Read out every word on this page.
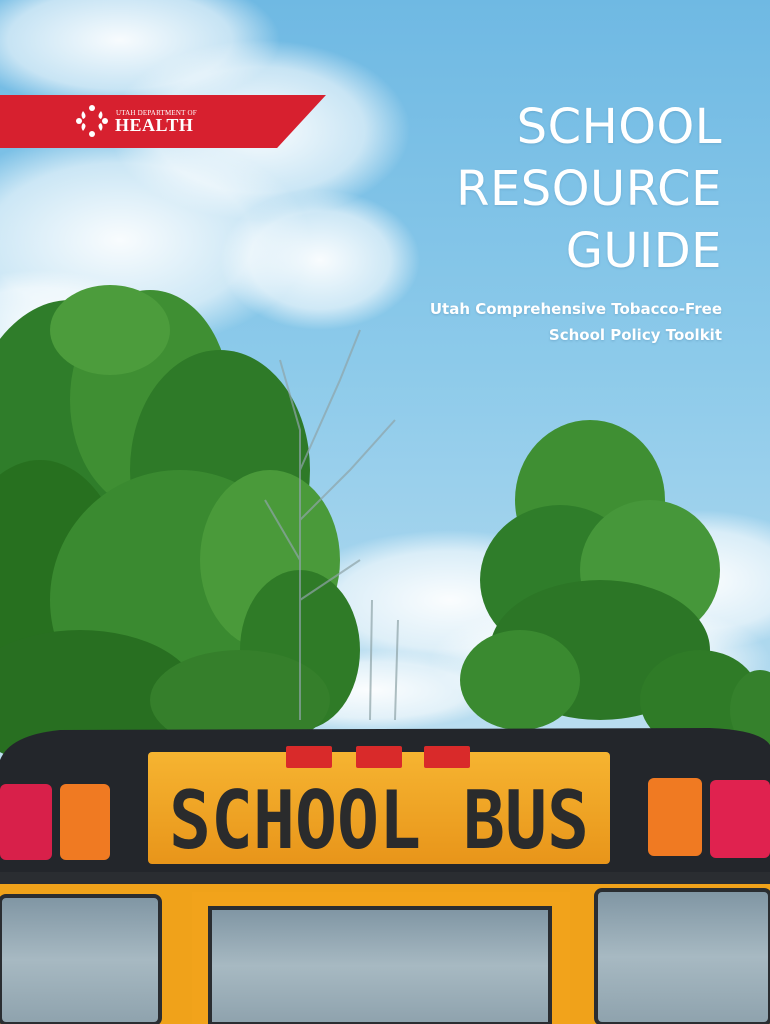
SCHOOL BUS
UTAH DEPARTMENT OF
HEALTH	SCHOOL
RESOURCE
GUIDE
Utah Comprehensive Tobacco-Free
School Policy Toolkit
